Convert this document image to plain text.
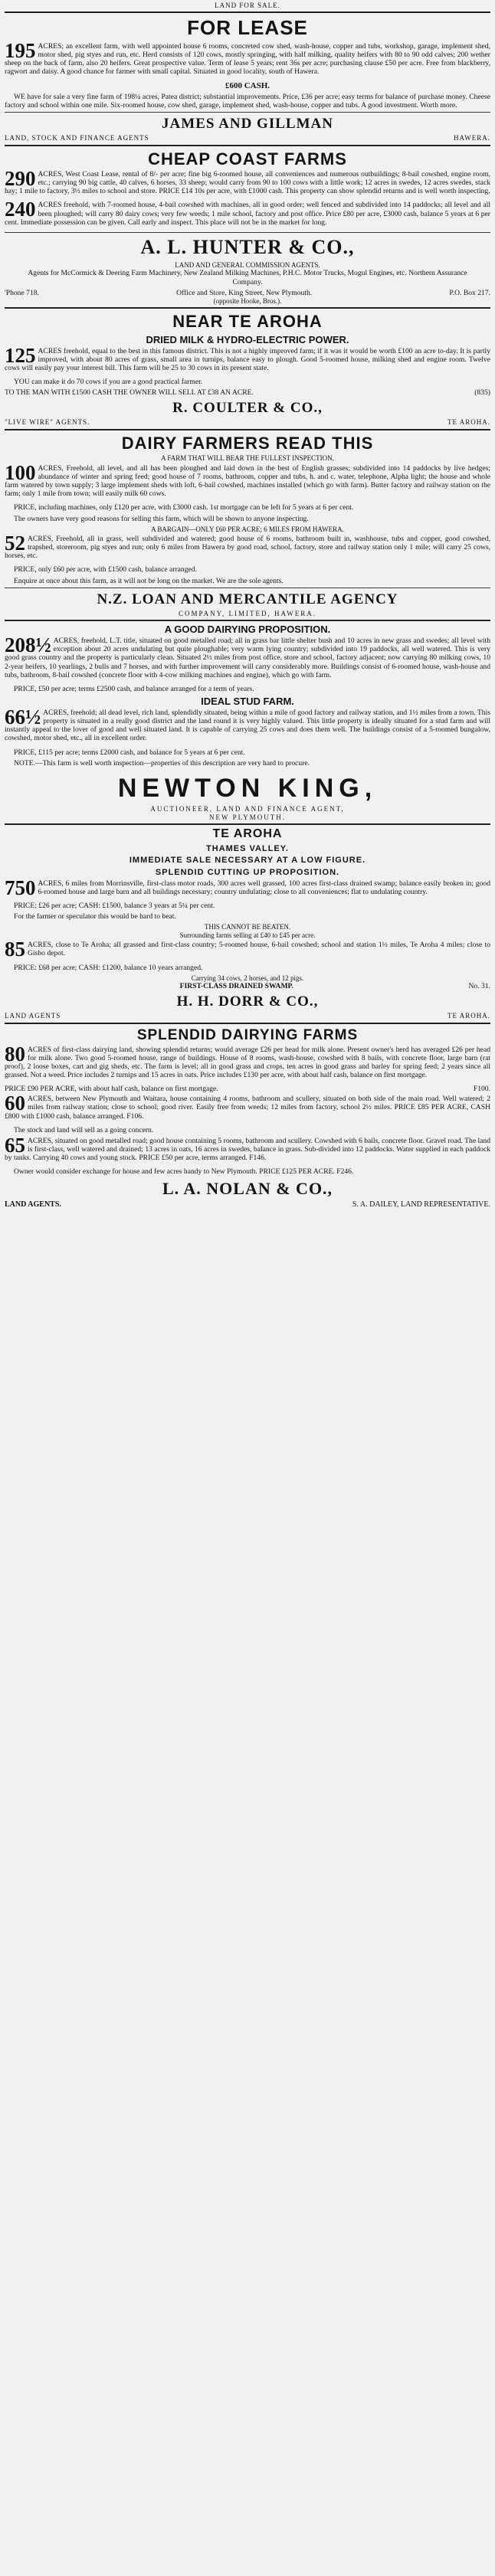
LAND FOR SALE.
FOR LEASE
195 ACRES; an excellent farm, with well appointed house 6 rooms, concreted cow shed, wash-house, copper and tubs, workshop, garage, implement shed, motor shed, pig styes and run, etc. Herd consists of 120 cows, mostly springing, with half milking, quality heifers with 80 to 90 odd calves; 200 wether sheep on the back of farm, also 20 heifers. Great prospective value. Term of lease 5 years; rent 36s per acre; purchasing clause £50 per acre. Free from blackberry, ragwort and daisy. A good chance for farmer with small capital. Situated in good locality, south of Hawera.

£600 CASH.

WE have for sale a very fine farm of 198¼ acres, Patea district; substantial improvements. Price, £36 per acre; easy terms for balance of purchase money. Cheese factory and school within one mile. Six-roomed house, cow shed, garage, implement shed, wash-house, copper and tubs. A good investment. Worth more.

JAMES AND GILLMAN
LAND, STOCK AND FINANCE AGENTS	HAWERA.
CHEAP COAST FARMS
290 ACRES, West Coast Lease, rental of 8/- per acre; fine big 6-roomed house, all conveniences and numerous outbuildings; 8-bail cowshed, engine room, etc.; carrying 90 big cattle, 40 calves, 6 horses, 33 sheep; would carry from 90 to 100 cows with a little work; 12 acres in swedes, 12 acres swedes, stack hay; 1 mile to factory, 3½ miles to school and store. PRICE £14 10s per acre, with £1000 cash. This property can show splendid returns and is well worth inspecting.

240 ACRES freehold, with 7-roomed house, 4-bail cowshed with machines, all in good order; well fenced and subdivided into 14 paddocks; all level and all been ploughed; will carry 80 dairy cows; very few weeds; 1 mile school, factory and post office. Price £80 per acre, £3000 cash, balance 5 years at 6 per cent. Immediate possession can be given. Call early and inspect. This place will not be in the market for long.

A. L. HUNTER & CO.,
LAND AND GENERAL COMMISSION AGENTS.

Agents for McCormick & Deering Farm Machinery, New Zealand Milking Machines, P.H.C. Motor Trucks, Mogul Engines, etc. Northern Assurance Company.

'Phone 718.	Office and Store, King Street, New Plymouth.	P.O. Box 217.
(opposite Hooke, Bros.).
NEAR TE AROHA
DRIED MILK & HYDRO-ELECTRIC POWER.
125 ACRES freehold, equal to the best in this famous district. This is not a highly improved farm; if it was it would be worth £100 an acre to-day. It is partly improved, with about 80 acres of grass, small area in turnips, balance easy to plough. Good 5-roomed house, milking shed and engine room. Twelve cows will easily pay your interest bill. This farm will be 25 to 30 cows in its present state.

YOU can make it do 70 cows if you are a good practical farmer.

TO THE MAN WITH £1500 CASH THE OWNER WILL SELL AT £38 AN ACRE.	(835)
R. COULTER & CO.,
"LIVE WIRE" AGENTS.	TE AROHA.
DAIRY FARMERS READ THIS
A FARM THAT WILL BEAR THE FULLEST INSPECTION.
100 ACRES, Freehold, all level, and all has been ploughed and laid down in the best of English grasses; subdivided into 14 paddocks by live hedges; abundance of winter and spring feed; good house of 7 rooms, bathroom, copper and tubs, h. and c. water, telephone, Alpha light; the house and whole farm watered by town supply; 3 large implement sheds with loft, 6-bail cowshed, machines installed (which go with farm). Butter factory and railway station on the farm; only 1 mile from town; will easily milk 60 cows.

PRICE, including machines, only £120 per acre, with £3000 cash. 1st mortgage can be left for 5 years at 6 per cent.

The owners have very good reasons for selling this farm, which will be shown to anyone inspecting.

A BARGAIN—ONLY £60 PER ACRE; 6 MILES FROM HAWERA.
52 ACRES, Freehold, all in grass, well subdivided and watered; good house of 6 rooms, bathroom built in, washhouse, tubs and copper, good cowshed, trapshed, storeroom, pig styes and run; only 6 miles from Hawera by good road, school, factory, store and railway station only 1 mile; will carry 25 cows, horses, etc.

PRICE, only £60 per acre, with £1500 cash, balance arranged.

Enquire at once about this farm, as it will not be long on the market. We are the sole agents.

N.Z. LOAN AND MERCANTILE AGENCY
COMPANY, LIMITED, HAWERA.
A GOOD DAIRYING PROPOSITION.
208½ ACRES, freehold, L.T. title, situated on good metalled road; all in grass bar little shelter bush and 10 acres in new grass and swedes; all level with exception about 20 acres undulating but quite ploughable; very warm lying country; subdivided into 19 paddocks, all well watered. This is very good grass country and the property is particularly clean. Situated 2½ miles from post office, store and school, factory adjacent; now carrying 80 milking cows, 10 2-year heifers, 10 yearlings, 2 bulls and 7 horses, and with further improvement will carry considerably more. Buildings consist of 6-roomed house, wash-house and tubs, bathroom, 8-bail cowshed (concrete floor with 4-cow milking machines and engine), which go with farm.

PRICE, £50 per acre; terms £2500 cash, and balance arranged for a term of years.

IDEAL STUD FARM.
66½ ACRES, freehold; all dead level, rich land, splendidly situated, being within a mile of good factory and railway station, and 1½ miles from a town. This property is situated in a really good district and the land round it is very highly valued. This little property is ideally situated for a stud farm and will instantly appeal to the lover of good and well situated land. It is capable of carrying 25 cows and does them well. The buildings consist of a 5-roomed bungalow, cowshed, motor shed, etc., all in excellent order.

PRICE, £115 per acre; terms £2000 cash, and balance for 5 years at 6 per cent.

NOTE.—This farm is well worth inspection—properties of this description are very hard to procure.

NEWTON KING,
AUCTIONEER, LAND AND FINANCE AGENT,
NEW PLYMOUTH.
TE AROHA
THAMES VALLEY.
IMMEDIATE SALE NECESSARY AT A LOW FIGURE.
SPLENDID CUTTING UP PROPOSITION.
750 ACRES, 6 miles from Morrinsville, first-class motor roads, 300 acres well grassed, 100 acres first-class drained swamp; balance easily broken in; good 6-roomed house and large barn and all buildings necessary; country undulating; close to all conveniences; flat to undulating country.

PRICE: £26 per acre; CASH: £1500, balance 3 years at 5¼ per cent.

For the farmer or speculator this would be hard to beat.

THIS CANNOT BE BEATEN.
Surrounding farms selling at £40 to £45 per acre.
85 ACRES, close to Te Aroha; all grassed and first-class country; 5-roomed house, 6-bail cowshed; school and station 1½ miles, Te Aroha 4 miles; close to Gisbo depot.

PRICE: £68 per acre; CASH: £1200, balance 10 years arranged.

Carrying 34 cows, 2 horses, and 12 pigs.
FIRST-CLASS DRAINED SWAMP.	No. 31.
H. H. DORR & CO.,
LAND AGENTS	TE AROHA.
SPLENDID DAIRYING FARMS
80 ACRES of first-class dairying land, showing splendid returns; would average £26 per head for milk alone. Present owner's herd has averaged £26 per head for milk alone. Two good 5-roomed house, range of buildings. House of 8 rooms, wash-house, cowshed with 8 bails, with concrete floor, large barn (rat proof), 2 loose boxes, cart and gig sheds, etc. The farm is level; all in good grass and crops, ten acres in good grass and barley for spring feed; 2 years since all grassed. Not a weed. Price includes 2 turnips and 15 acres in oats. Price includes £130 per acre, with about half cash, balance on first mortgage.

PRICE £90 PER ACRE, with about half cash, balance on first mortgage.	F100.
60 ACRES, between New Plymouth and Waitara, house containing 4 rooms, bathroom and scullery, situated on both side of the main road. Well watered; 2 miles from railway station; close to school; good river. Easily free from weeds; 12 miles from factory, school 2½ miles. PRICE £85 PER ACRE, CASH £800 with £1000 cash, balance arranged. F106.

The stock and land will sell as a going concern.

65 ACRES, situated on good metalled road; good house containing 5 rooms, bathroom and scullery. Cowshed with 6 bails, concrete floor. Gravel road. The land is first-class, well watered and drained; 13 acres in oats, 16 acres in swedes, balance in grass. Sub-divided into 12 paddocks. Water supplied in each paddock by tanks. Carrying 40 cows and young stock. PRICE £50 per acre, terms arranged. F146.

Owner would consider exchange for house and few acres handy to New Plymouth. PRICE £125 PER ACRE. F246.

L. A. NOLAN & CO.,
LAND AGENTS.	S. A. DAILEY, LAND REPRESENTATIVE.
